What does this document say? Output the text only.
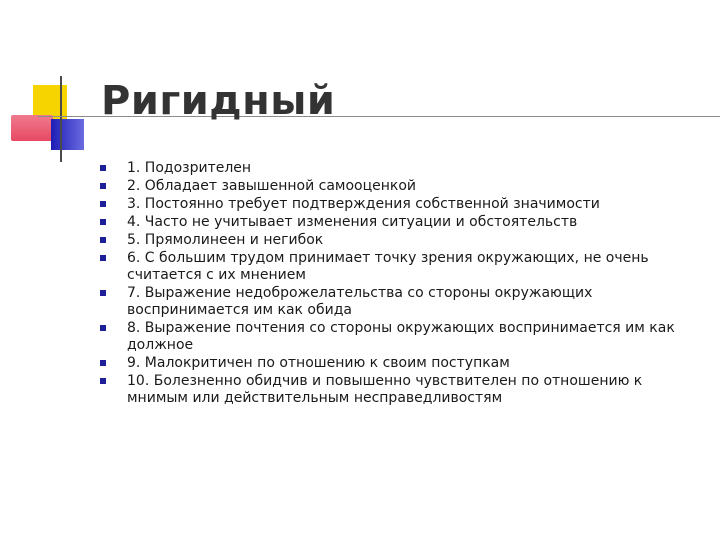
Ригидный
1. Подозрителен
2. Обладает завышенной самооценкой
3. Постоянно требует подтверждения собственной значимости
4. Часто не учитывает изменения ситуации и обстоятельств
5. Прямолинеен и негибок
6. С большим трудом принимает точку зрения окружающих, не очень считается с их мнением
7. Выражение недоброжелательства со стороны окружающих воспринимается им как обида
8. Выражение почтения со стороны окружающих воспринимается им как должное
9. Малокритичен по отношению к своим поступкам
10. Болезненно обидчив и повышенно чувствителен по отношению к мнимым или действительным несправедливостям
